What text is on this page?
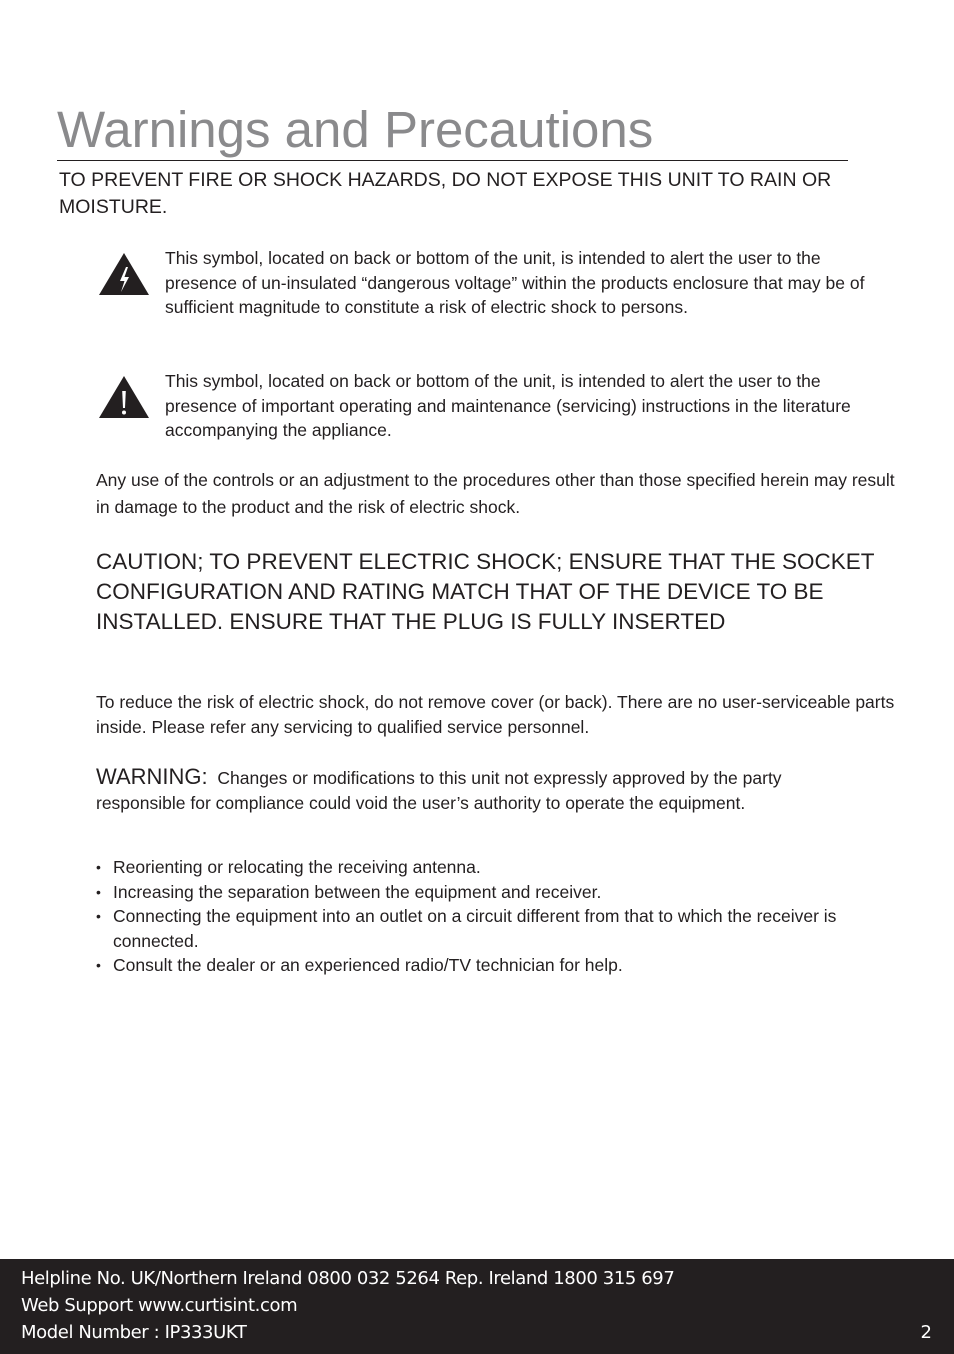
Warnings and Precautions
TO PREVENT FIRE OR SHOCK HAZARDS, DO NOT EXPOSE THIS UNIT TO RAIN OR MOISTURE.
This symbol, located on back or bottom of the unit, is intended to alert the user to the presence of un-insulated “dangerous voltage” within the products enclosure that may be of sufficient magnitude to constitute a risk of electric shock to persons.
This symbol, located on back or bottom of the unit, is intended to alert the user to the presence of important operating and maintenance (servicing) instructions in the literature accompanying the appliance.
Any use of the controls or an adjustment to the procedures other than those specified herein may result in damage to the product and the risk of electric shock.
CAUTION; TO PREVENT ELECTRIC SHOCK; ENSURE THAT THE SOCKET CONFIGURATION AND RATING MATCH THAT OF THE DEVICE TO BE INSTALLED. ENSURE THAT THE PLUG IS FULLY INSERTED
To reduce the risk of electric shock, do not remove cover (or back). There are no user-serviceable parts inside. Please refer any servicing to qualified service personnel.
WARNING: Changes or modifications to this unit not expressly approved by the party responsible for compliance could void the user’s authority to operate the equipment.
• Reorienting or relocating the receiving antenna.
• Increasing the separation between the equipment and receiver.
• Connecting the equipment into an outlet on a circuit different from that to which the receiver is connected.
• Consult the dealer or an experienced radio/TV technician for help.
Helpline No. UK/Northern Ireland 0800 032 5264 Rep. Ireland 1800 315 697
Web Support www.curtisint.com
Model Number : IP333UKT	2
